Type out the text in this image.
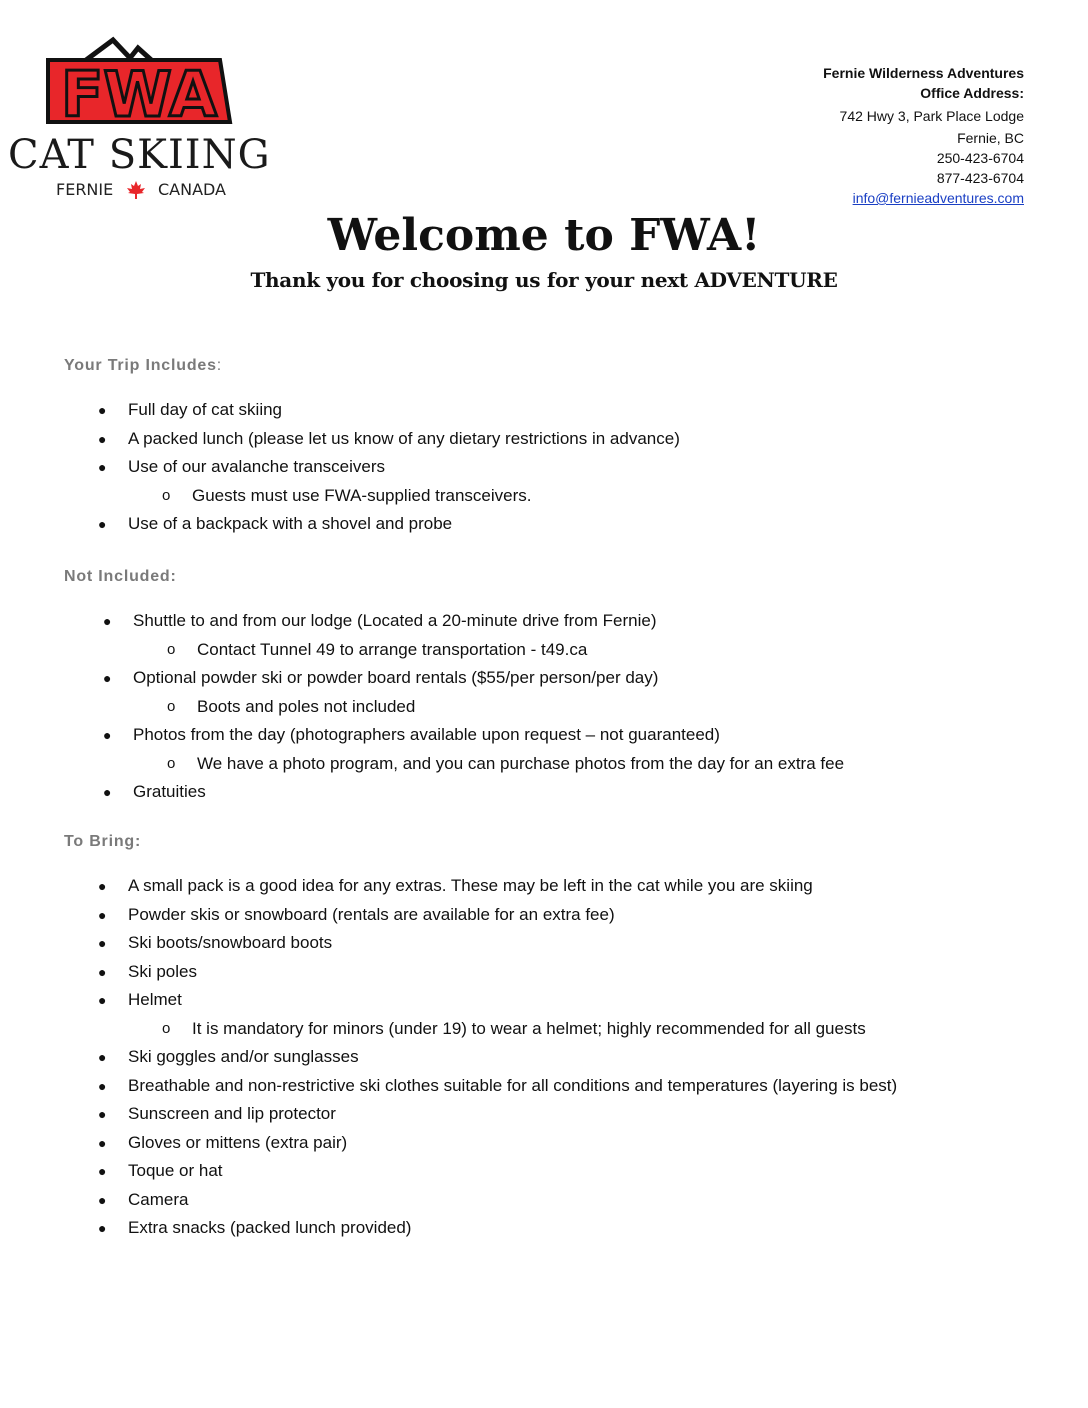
FWA
CAT SKIING
FERNIE	CANADA
Fernie Wilderness Adventures
Office Address:
742 Hwy 3, Park Place Lodge
Fernie, BC
250-423-6704
877-423-6704
info@fernieadventures.com
Welcome to FWA!
Thank you for choosing us for your next ADVENTURE
Your Trip Includes:
● Full day of cat skiing
● A packed lunch (please let us know of any dietary restrictions in advance)
● Use of our avalanche transceivers
o Guests must use FWA-supplied transceivers.
● Use of a backpack with a shovel and probe
Not Included:
● Shuttle to and from our lodge (Located a 20-minute drive from Fernie)
o Contact Tunnel 49 to arrange transportation - t49.ca
● Optional powder ski or powder board rentals ($55/per person/per day)
o Boots and poles not included
● Photos from the day (photographers available upon request – not guaranteed)
o We have a photo program, and you can purchase photos from the day for an extra fee
● Gratuities
To Bring:
● A small pack is a good idea for any extras. These may be left in the cat while you are skiing
● Powder skis or snowboard (rentals are available for an extra fee)
● Ski boots/snowboard boots
● Ski poles
● Helmet
o It is mandatory for minors (under 19) to wear a helmet; highly recommended for all guests
● Ski goggles and/or sunglasses
● Breathable and non-restrictive ski clothes suitable for all conditions and temperatures (layering is best)
● Sunscreen and lip protector
● Gloves or mittens (extra pair)
● Toque or hat
● Camera
● Extra snacks (packed lunch provided)
